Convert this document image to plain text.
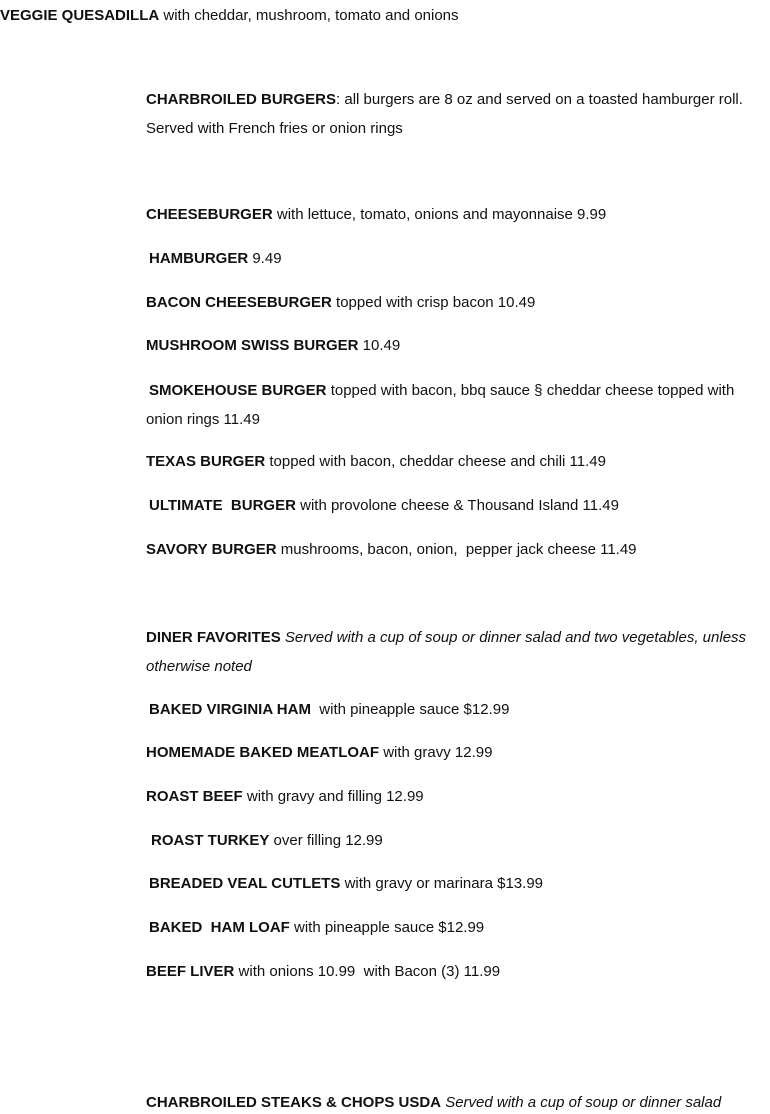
VEGGIE QUESADILLA with cheddar, mushroom, tomato and onions
CHARBROILED BURGERS: all burgers are 8 oz and served on a toasted hamburger roll. Served with French fries or onion rings
CHEESEBURGER with lettuce, tomato, onions and mayonnaise 9.99
HAMBURGER 9.49
BACON CHEESEBURGER topped with crisp bacon 10.49
MUSHROOM SWISS BURGER 10.49
SMOKEHOUSE BURGER topped with bacon, bbq sauce § cheddar cheese topped with onion rings 11.49
TEXAS BURGER topped with bacon, cheddar cheese and chili 11.49
ULTIMATE  BURGER with provolone cheese & Thousand Island 11.49
SAVORY BURGER mushrooms, bacon, onion,  pepper jack cheese 11.49
DINER FAVORITES Served with a cup of soup or dinner salad and two vegetables, unless otherwise noted
BAKED VIRGINIA HAM  with pineapple sauce $12.99
HOMEMADE BAKED MEATLOAF with gravy 12.99
ROAST BEEF with gravy and filling 12.99
ROAST TURKEY over filling 12.99
BREADED VEAL CUTLETS with gravy or marinara $13.99
BAKED  HAM LOAF with pineapple sauce $12.99
BEEF LIVER with onions 10.99  with Bacon (3) 11.99
CHARBROILED STEAKS & CHOPS USDA Served with a cup of soup or dinner salad
